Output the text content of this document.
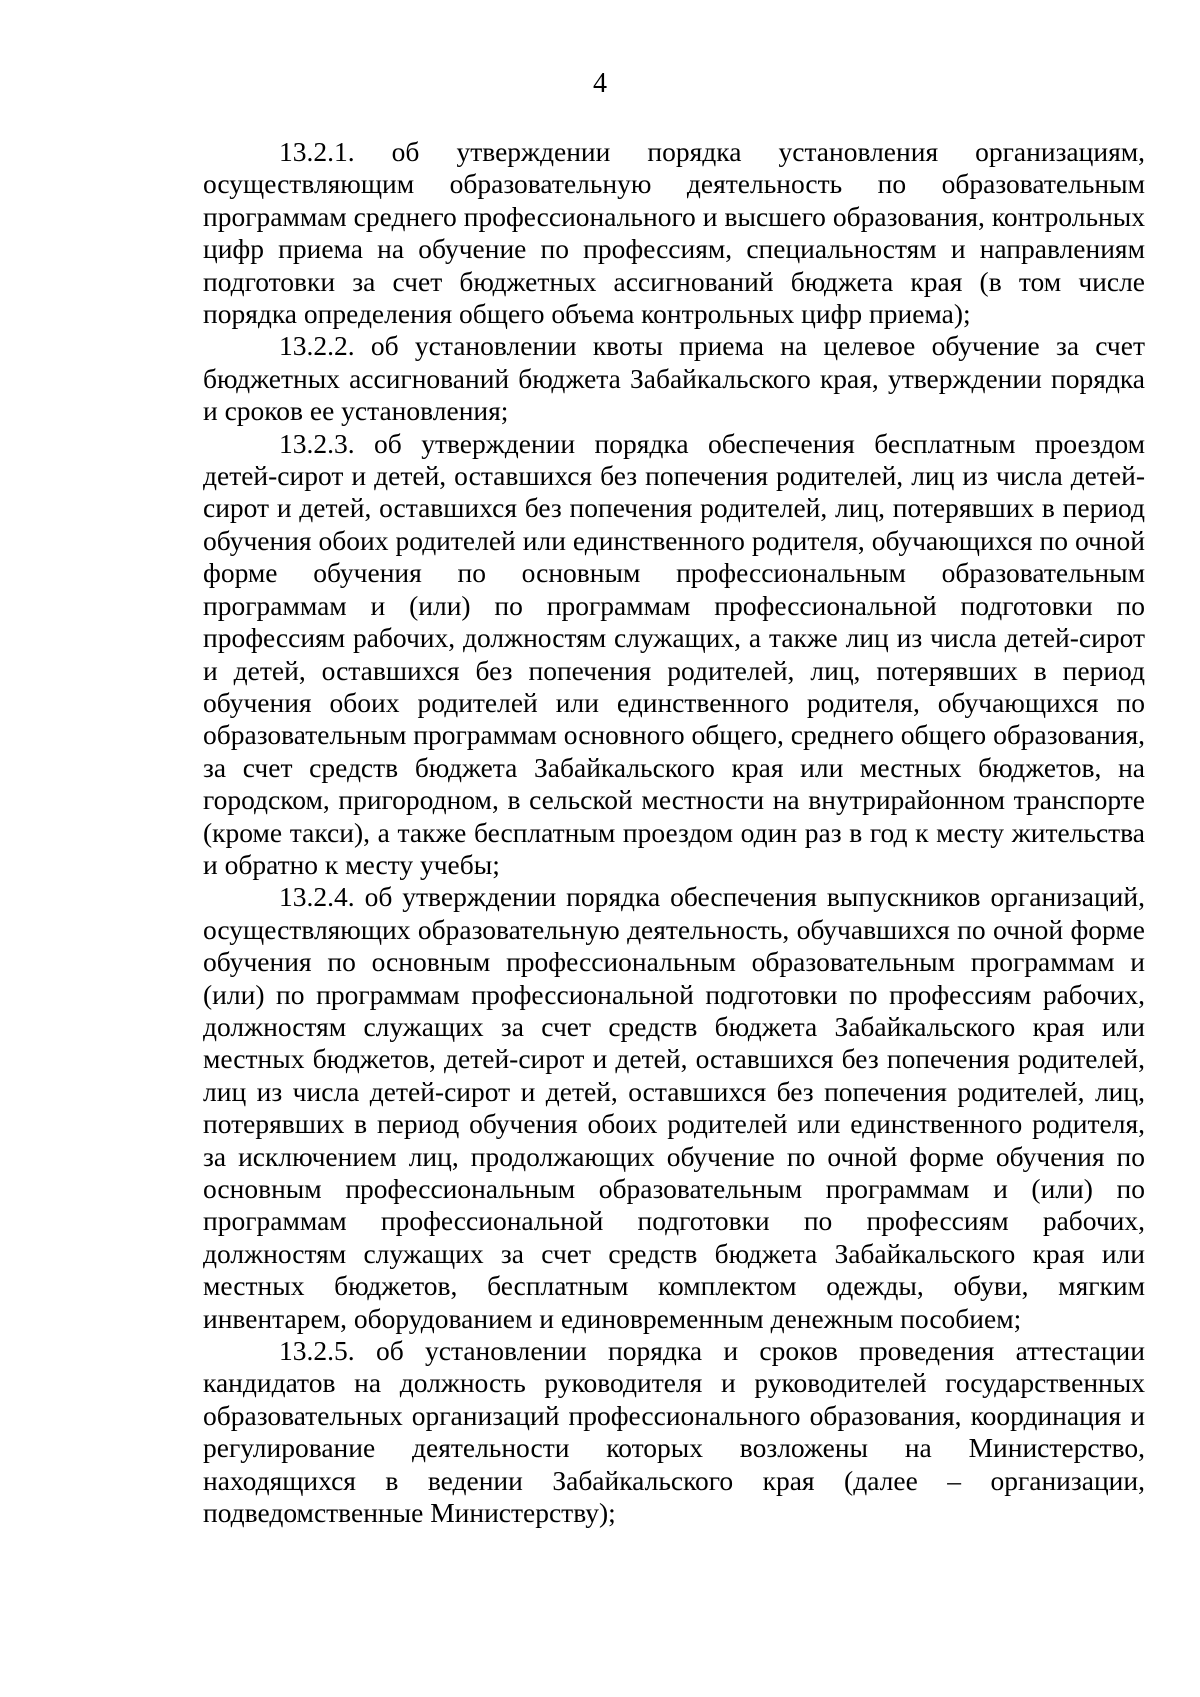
4

13.2.1. об утверждении порядка установления организациям, осуществляющим образовательную деятельность по образовательным программам среднего профессионального и высшего образования, контрольных цифр приема на обучение по профессиям, специальностям и направлениям подготовки за счет бюджетных ассигнований бюджета края (в том числе порядка определения общего объема контрольных цифр приема);

13.2.2. об установлении квоты приема на целевое обучение за счет бюджетных ассигнований бюджета Забайкальского края, утверждении порядка и сроков ее установления;

13.2.3. об утверждении порядка обеспечения бесплатным проездом детей-сирот и детей, оставшихся без попечения родителей, лиц из числа детей-сирот и детей, оставшихся без попечения родителей, лиц, потерявших в период обучения обоих родителей или единственного родителя, обучающихся по очной форме обучения по основным профессиональным образовательным программам и (или) по программам профессиональной подготовки по профессиям рабочих, должностям служащих, а также лиц из числа детей-сирот и детей, оставшихся без попечения родителей, лиц, потерявших в период обучения обоих родителей или единственного родителя, обучающихся по образовательным программам основного общего, среднего общего образования, за счет средств бюджета Забайкальского края или местных бюджетов, на городском, пригородном, в сельской местности на внутрирайонном транспорте (кроме такси), а также бесплатным проездом один раз в год к месту жительства и обратно к месту учебы;

13.2.4. об утверждении порядка обеспечения выпускников организаций, осуществляющих образовательную деятельность, обучавшихся по очной форме обучения по основным профессиональным образовательным программам и (или) по программам профессиональной подготовки по профессиям рабочих, должностям служащих за счет средств бюджета Забайкальского края или местных бюджетов, детей-сирот и детей, оставшихся без попечения родителей, лиц из числа детей-сирот и детей, оставшихся без попечения родителей, лиц, потерявших в период обучения обоих родителей или единственного родителя, за исключением лиц, продолжающих обучение по очной форме обучения по основным профессиональным образовательным программам и (или) по программам профессиональной подготовки по профессиям рабочих, должностям служащих за счет средств бюджета Забайкальского края или местных бюджетов, бесплатным комплектом одежды, обуви, мягким инвентарем, оборудованием и единовременным денежным пособием;

13.2.5. об установлении порядка и сроков проведения аттестации кандидатов на должность руководителя и руководителей государственных образовательных организаций профессионального образования, координация и регулирование деятельности которых возложены на Министерство, находящихся в ведении Забайкальского края (далее – организации, подведомственные Министерству);
